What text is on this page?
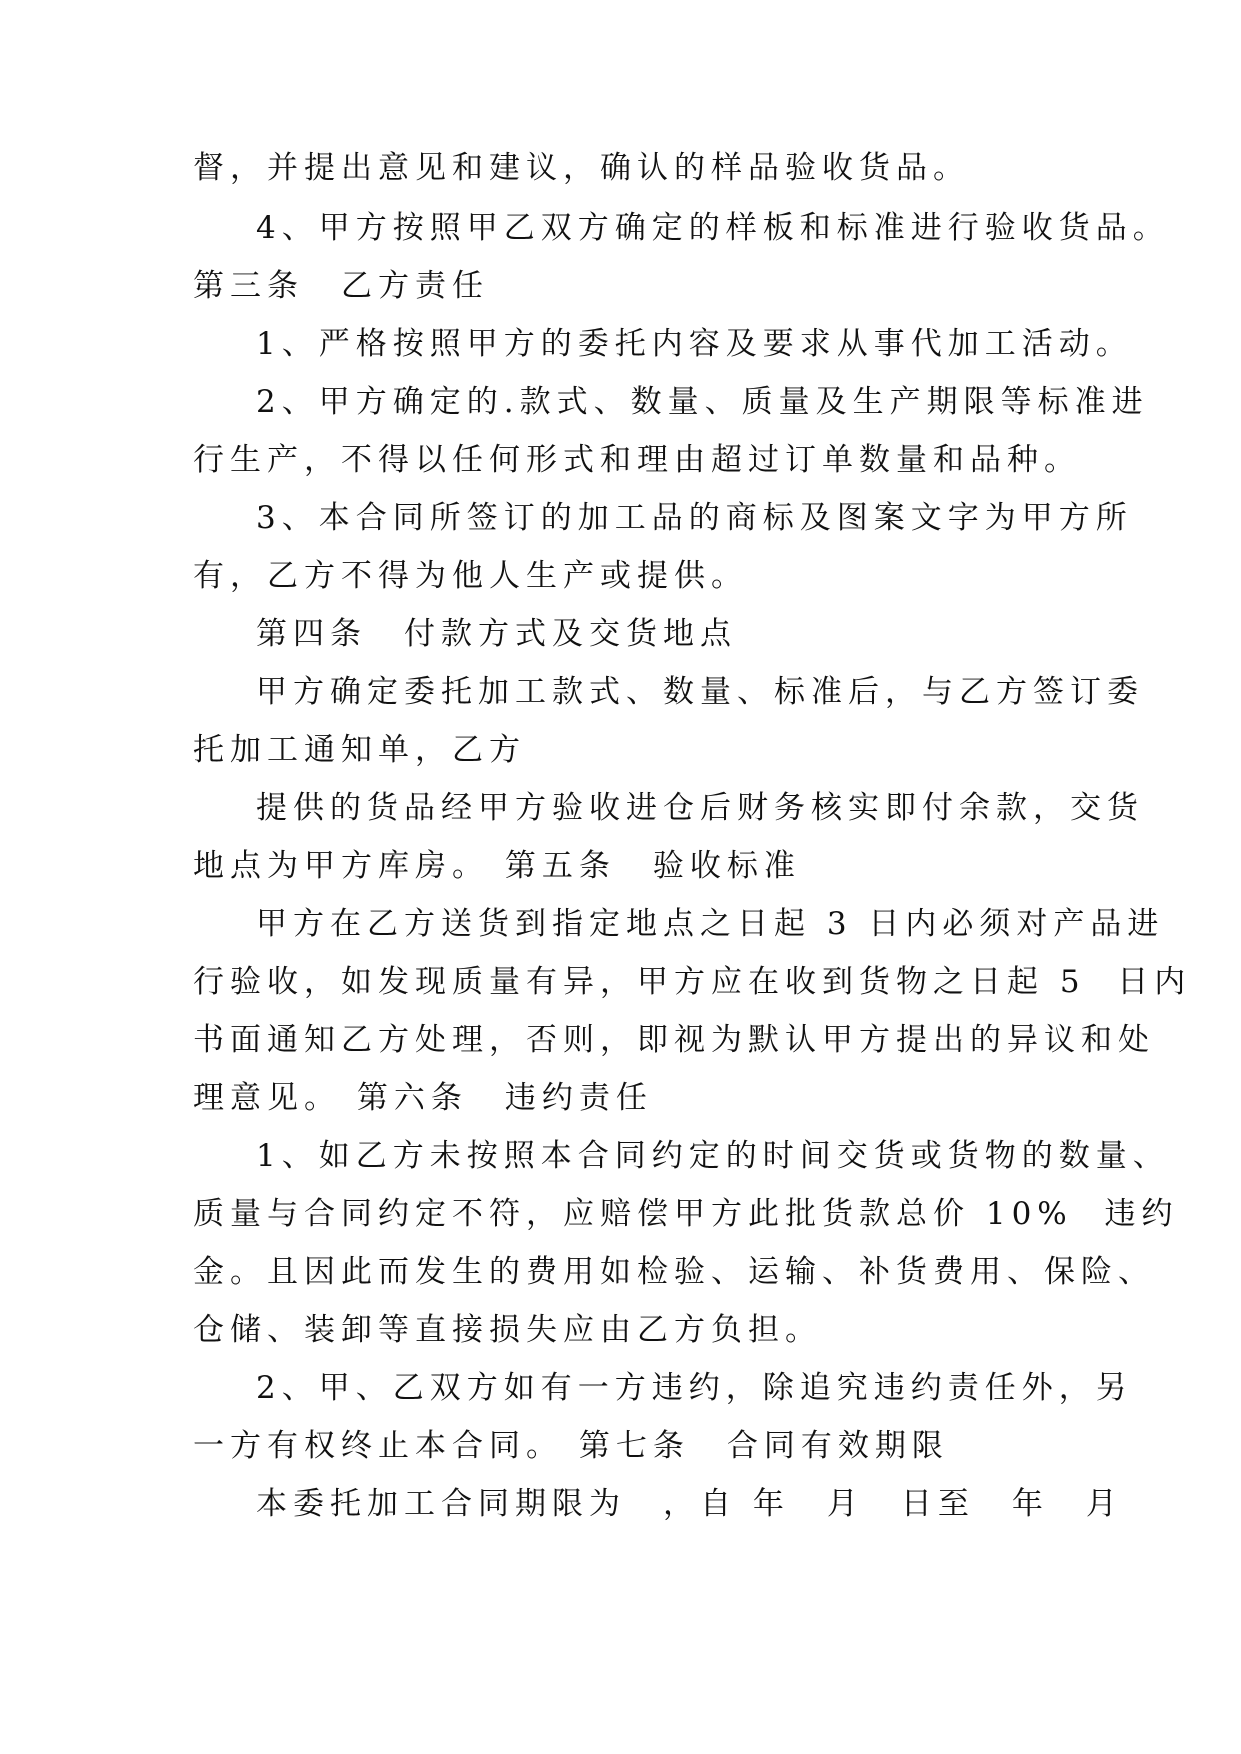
督，并提出意见和建议，确认的样品验收货品。

4、甲方按照甲乙双方确定的样板和标准进行验收货品。

第三条　乙方责任

1、严格按照甲方的委托内容及要求从事代加工活动。

2、甲方确定的.款式、数量、质量及生产期限等标准进

行生产，不得以任何形式和理由超过订单数量和品种。

3、本合同所签订的加工品的商标及图案文字为甲方所

有，乙方不得为他人生产或提供。

第四条　付款方式及交货地点

甲方确定委托加工款式、数量、标准后，与乙方签订委

托加工通知单，乙方

提供的货品经甲方验收进仓后财务核实即付余款，交货

地点为甲方库房。 第五条　验收标准

甲方在乙方送货到指定地点之日起 3 日内必须对产品进

行验收，如发现质量有异，甲方应在收到货物之日起 5  日内

书面通知乙方处理，否则，即视为默认甲方提出的异议和处

理意见。 第六条　违约责任

1、如乙方未按照本合同约定的时间交货或货物的数量、

质量与合同约定不符，应赔偿甲方此批货款总价 10%  违约

金。且因此而发生的费用如检验、运输、补货费用、保险、

仓储、装卸等直接损失应由乙方负担。

2、甲、乙双方如有一方违约，除追究违约责任外，另

一方有权终止本合同。 第七条　合同有效期限

本委托加工合同期限为　，自 年　月　日至　年　月
